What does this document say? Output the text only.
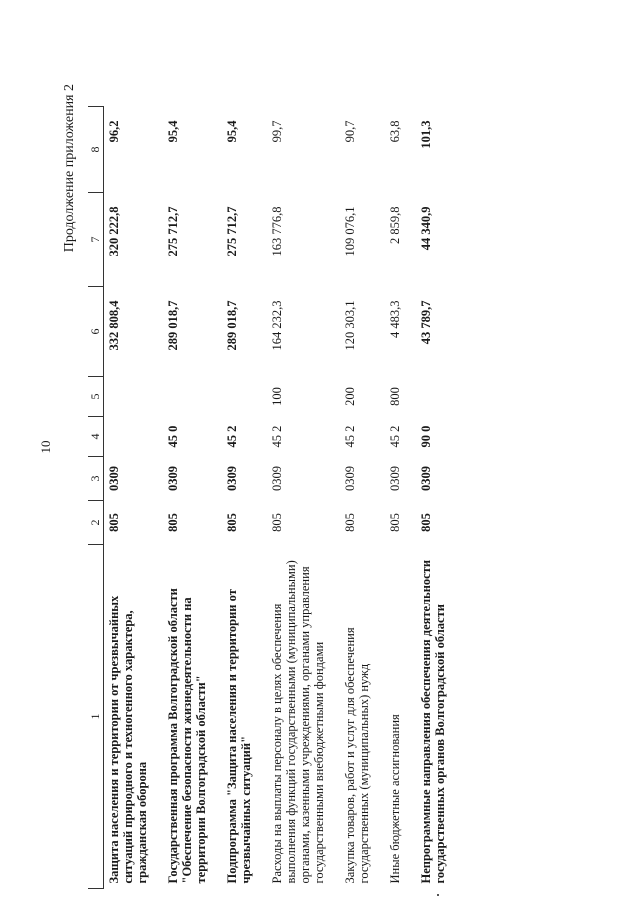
10
Продолжение приложения 2
1	2	3	4	5	6	7	8
Защита населения и территории от чрезвычайных ситуаций природного и техногенного характера, гражданская оборона	805	0309			332 808,4	320 222,8	96,2
Государственная программа Волгоградской области "Обеспечение безопасности жизнедеятельности на территории Волгоградской области"	805	0309	45 0		289 018,7	275 712,7	95,4
Подпрограмма "Защита населения и территории от чрезвычайных ситуаций"	805	0309	45 2		289 018,7	275 712,7	95,4
Расходы на выплаты персоналу в целях обеспечения выполнения функций государственными (муниципальными) органами, казенными учреждениями, органами управления государственными внебюджетными фондами	805	0309	45 2	100	164 232,3	163 776,8	99,7
Закупка товаров, работ и услуг для обеспечения государственных (муниципальных) нужд	805	0309	45 2	200	120 303,1	109 076,1	90,7
Иные бюджетные ассигнования	805	0309	45 2	800	4 483,3	2 859,8	63,8
Непрограммные направления обеспечения деятельности государственных органов Волгоградской области	805	0309	90 0		43 789,7	44 340,9	101,3
